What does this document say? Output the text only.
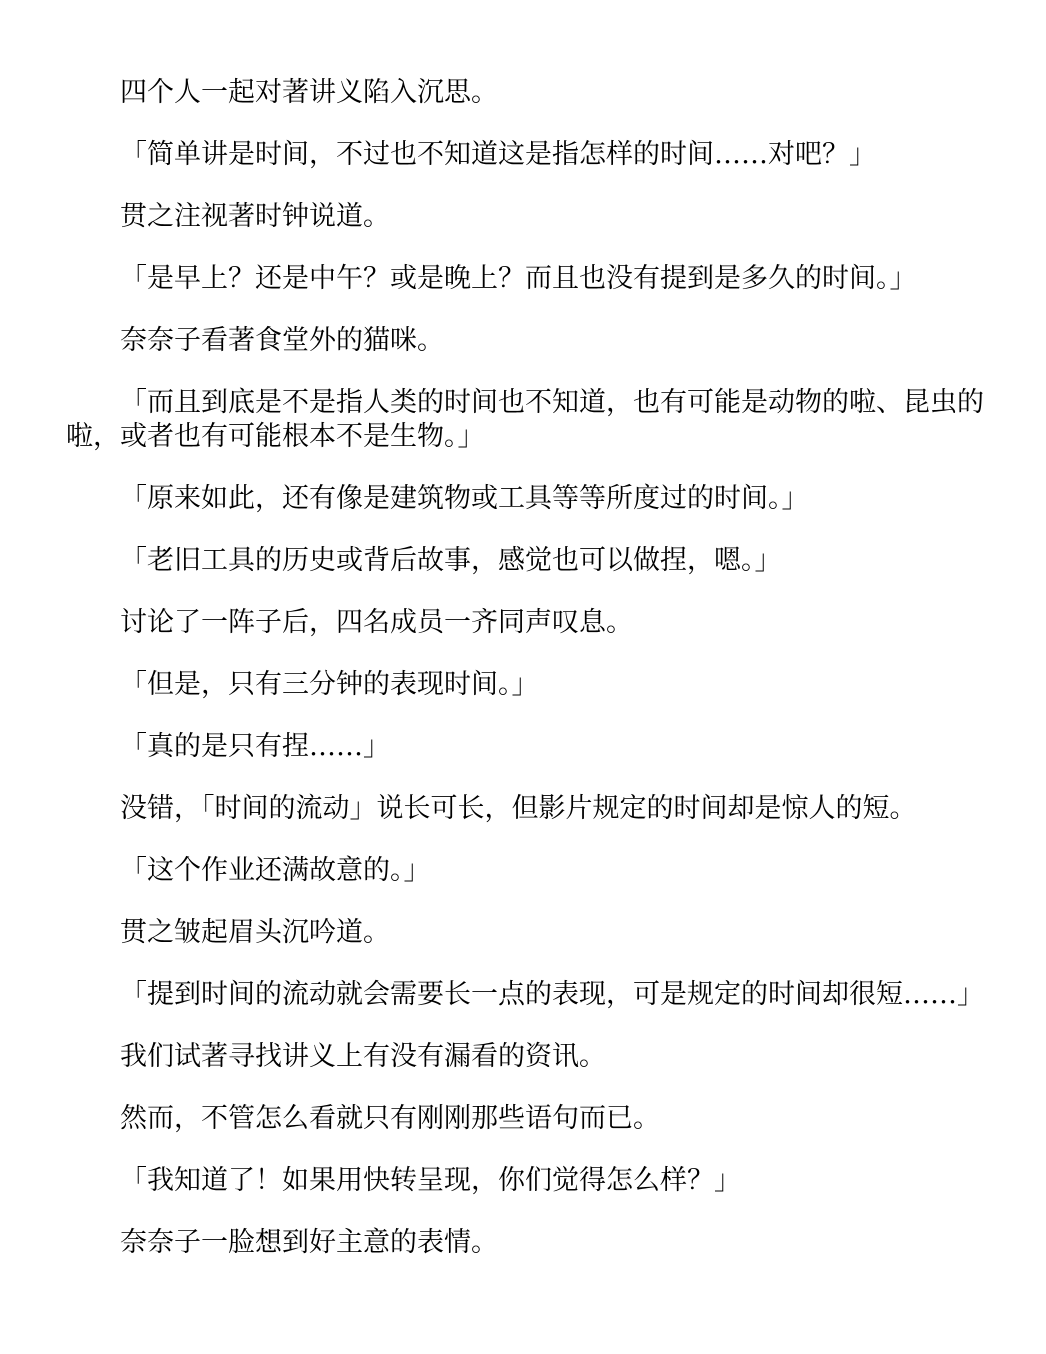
四个人一起对著讲义陷入沉思。

「简单讲是时间，不过也不知道这是指怎样的时间……对吧？」

贯之注视著时钟说道。

「是早上？还是中午？或是晚上？而且也没有提到是多久的时间。」

奈奈子看著食堂外的猫咪。

「而且到底是不是指人类的时间也不知道，也有可能是动物的啦、昆虫的啦，或者也有可能根本不是生物。」

「原来如此，还有像是建筑物或工具等等所度过的时间。」

「老旧工具的历史或背后故事，感觉也可以做捏，嗯。」

讨论了一阵子后，四名成员一齐同声叹息。

「但是，只有三分钟的表现时间。」

「真的是只有捏……」

没错，「时间的流动」说长可长，但影片规定的时间却是惊人的短。

「这个作业还满故意的。」

贯之皱起眉头沉吟道。

「提到时间的流动就会需要长一点的表现，可是规定的时间却很短……」

我们试著寻找讲义上有没有漏看的资讯。

然而，不管怎么看就只有刚刚那些语句而已。

「我知道了！如果用快转呈现，你们觉得怎么样？」

奈奈子一脸想到好主意的表情。
